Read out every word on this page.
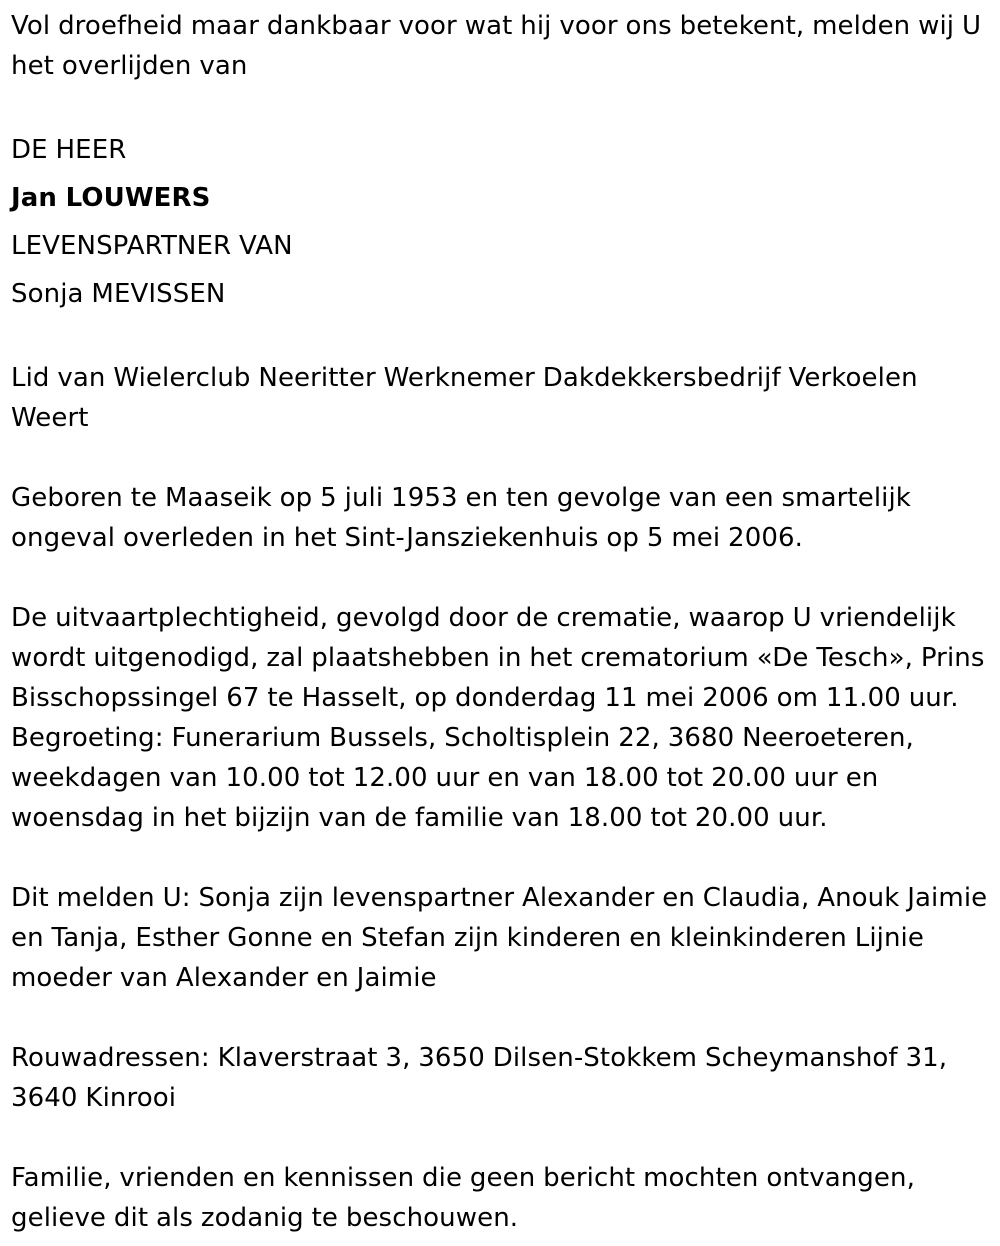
Vol droefheid maar dankbaar voor wat hij voor ons betekent, melden wij U het overlijden van

DE HEER

Jan LOUWERS

LEVENSPARTNER VAN

Sonja MEVISSEN

Lid van Wielerclub Neeritter Werknemer Dakdekkersbedrijf Verkoelen Weert

Geboren te Maaseik op 5 juli 1953 en ten gevolge van een smartelijk ongeval overleden in het Sint-Jansziekenhuis op 5 mei 2006.

De uitvaartplechtigheid, gevolgd door de crematie, waarop U vriendelijk wordt uitgenodigd, zal plaatshebben in het crematorium «De Tesch», Prins Bisschopssingel 67 te Hasselt, op donderdag 11 mei 2006 om 11.00 uur. Begroeting: Funerarium Bussels, Scholtisplein 22, 3680 Neeroeteren, weekdagen van 10.00 tot 12.00 uur en van 18.00 tot 20.00 uur en woensdag in het bijzijn van de familie van 18.00 tot 20.00 uur.

Dit melden U: Sonja zijn levenspartner Alexander en Claudia, Anouk Jaimie en Tanja, Esther Gonne en Stefan zijn kinderen en kleinkinderen Lijnie moeder van Alexander en Jaimie

Rouwadressen: Klaverstraat 3, 3650 Dilsen-Stokkem Scheymanshof 31, 3640 Kinrooi

Familie, vrienden en kennissen die geen bericht mochten ontvangen, gelieve dit als zodanig te beschouwen.
